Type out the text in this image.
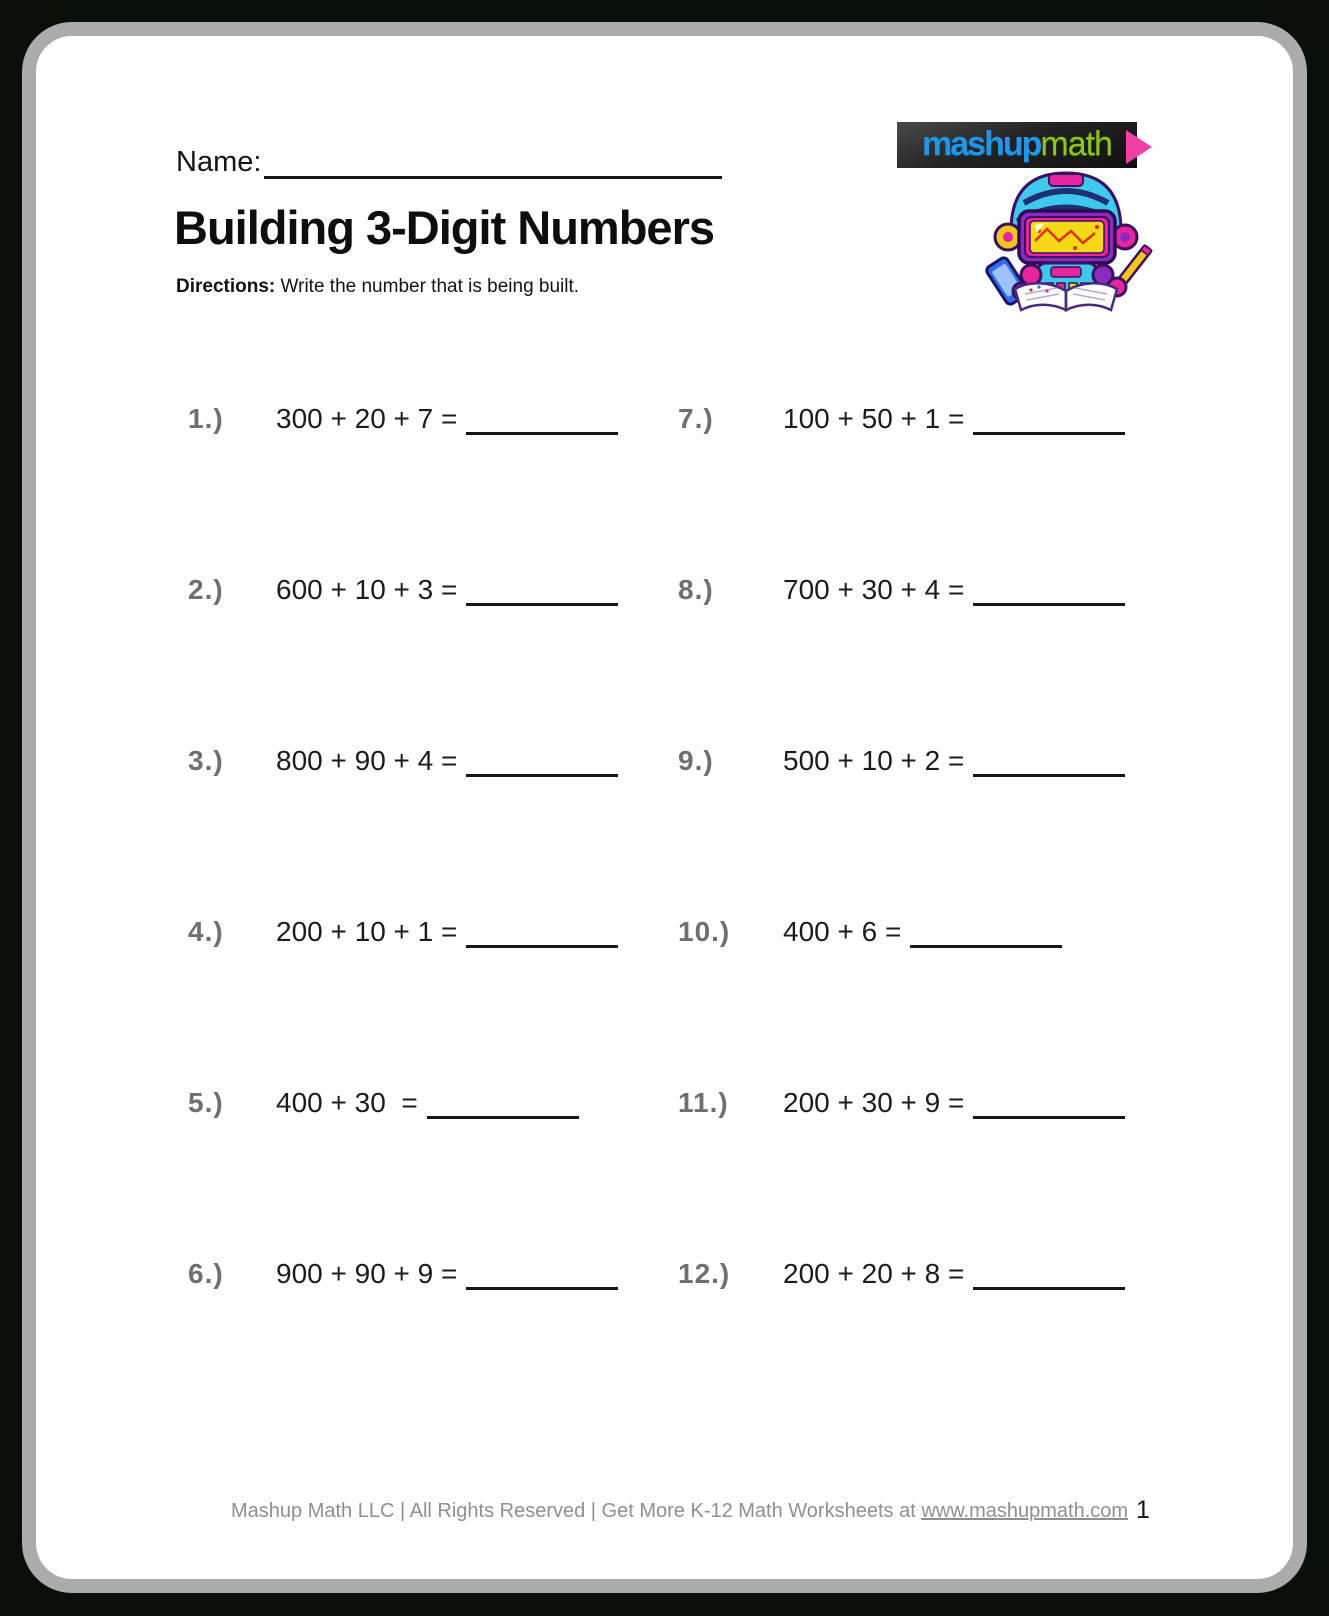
Name:
Building 3-Digit Numbers
Directions: Write the number that is being built.
mashup math
1.) 300 + 20 + 7 =
2.) 600 + 10 + 3 =
3.) 800 + 90 + 4 =
4.) 200 + 10 + 1 =
5.) 400 + 30  =
6.) 900 + 90 + 9 =
7.) 100 + 50 + 1 =
8.) 700 + 30 + 4 =
9.) 500 + 10 + 2 =
10.) 400 + 6 =
11.) 200 + 30 + 9 =
12.) 200 + 20 + 8 =
Mashup Math LLC | All Rights Reserved | Get More K-12 Math Worksheets at www.mashupmath.com 1
